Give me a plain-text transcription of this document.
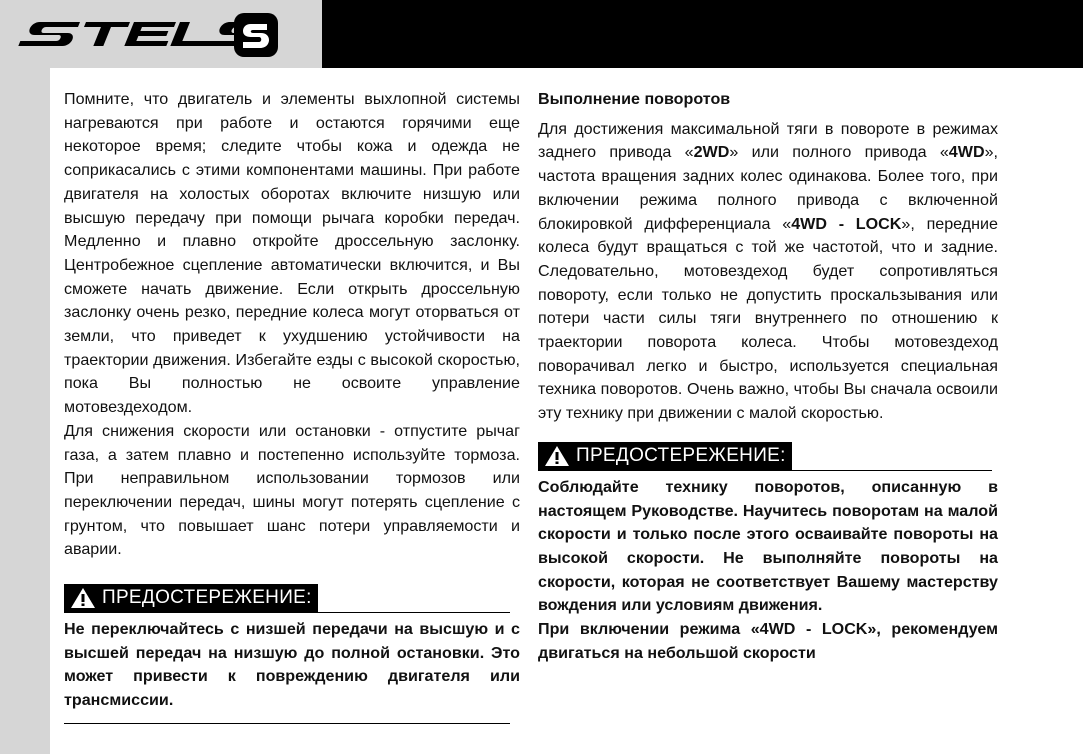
Помните, что двигатель и элементы выхлопной системы нагреваются при работе и остаются горячими еще некоторое время; следите чтобы кожа и одежда не соприкасались с этими компонентами машины. При работе двигателя на холостых оборотах включите низшую или высшую передачу при помощи рычага коробки передач. Медленно и плавно откройте дроссельную заслонку. Центробежное сцепление автоматически включится, и Вы сможете начать движение. Если открыть дроссельную заслонку очень резко, передние колеса могут оторваться от земли, что приведет к ухудшению устойчивости на траектории движения. Избегайте езды с высокой скоростью, пока Вы полностью не освоите управление мотовездеходом.

Для снижения скорости или остановки - отпустите рычаг газа, а затем плавно и постепенно используйте тормоза. При неправильном использовании тормозов или переключении передач, шины могут потерять сцепление с грунтом, что повышает шанс потери управляемости и аварии.

ПРЕДОСТЕРЕЖЕНИЕ:

Не переключайтесь с низшей передачи на высшую и с высшей передач на низшую до полной остановки. Это может привести к повреждению двигателя или трансмиссии.

Выполнение поворотов

Для достижения максимальной тяги в повороте в режимах заднего привода «2WD» или полного привода «4WD», частота вращения задних колес одинакова. Более того, при включении режима полного привода с включенной блокировкой дифференциала «4WD - LOCK», передние колеса будут вращаться с той же частотой, что и задние. Следовательно, мотовездеход будет сопротивляться повороту, если только не допустить проскальзывания или потери части силы тяги внутреннего по отношению к траектории поворота колеса. Чтобы мотовездеход поворачивал легко и быстро, используется специальная техника поворотов. Очень важно, чтобы Вы сначала освоили эту технику при движении с малой скоростью.

ПРЕДОСТЕРЕЖЕНИЕ:

Соблюдайте технику поворотов, описанную в настоящем Руководстве. Научитесь поворотам на малой скорости и только после этого осваивайте повороты на высокой скорости. Не выполняйте повороты на скорости, которая не соответствует Вашему мастерству вождения или условиям движения.

При включении режима «4WD - LOCK», рекомендуем двигаться на небольшой скорости
